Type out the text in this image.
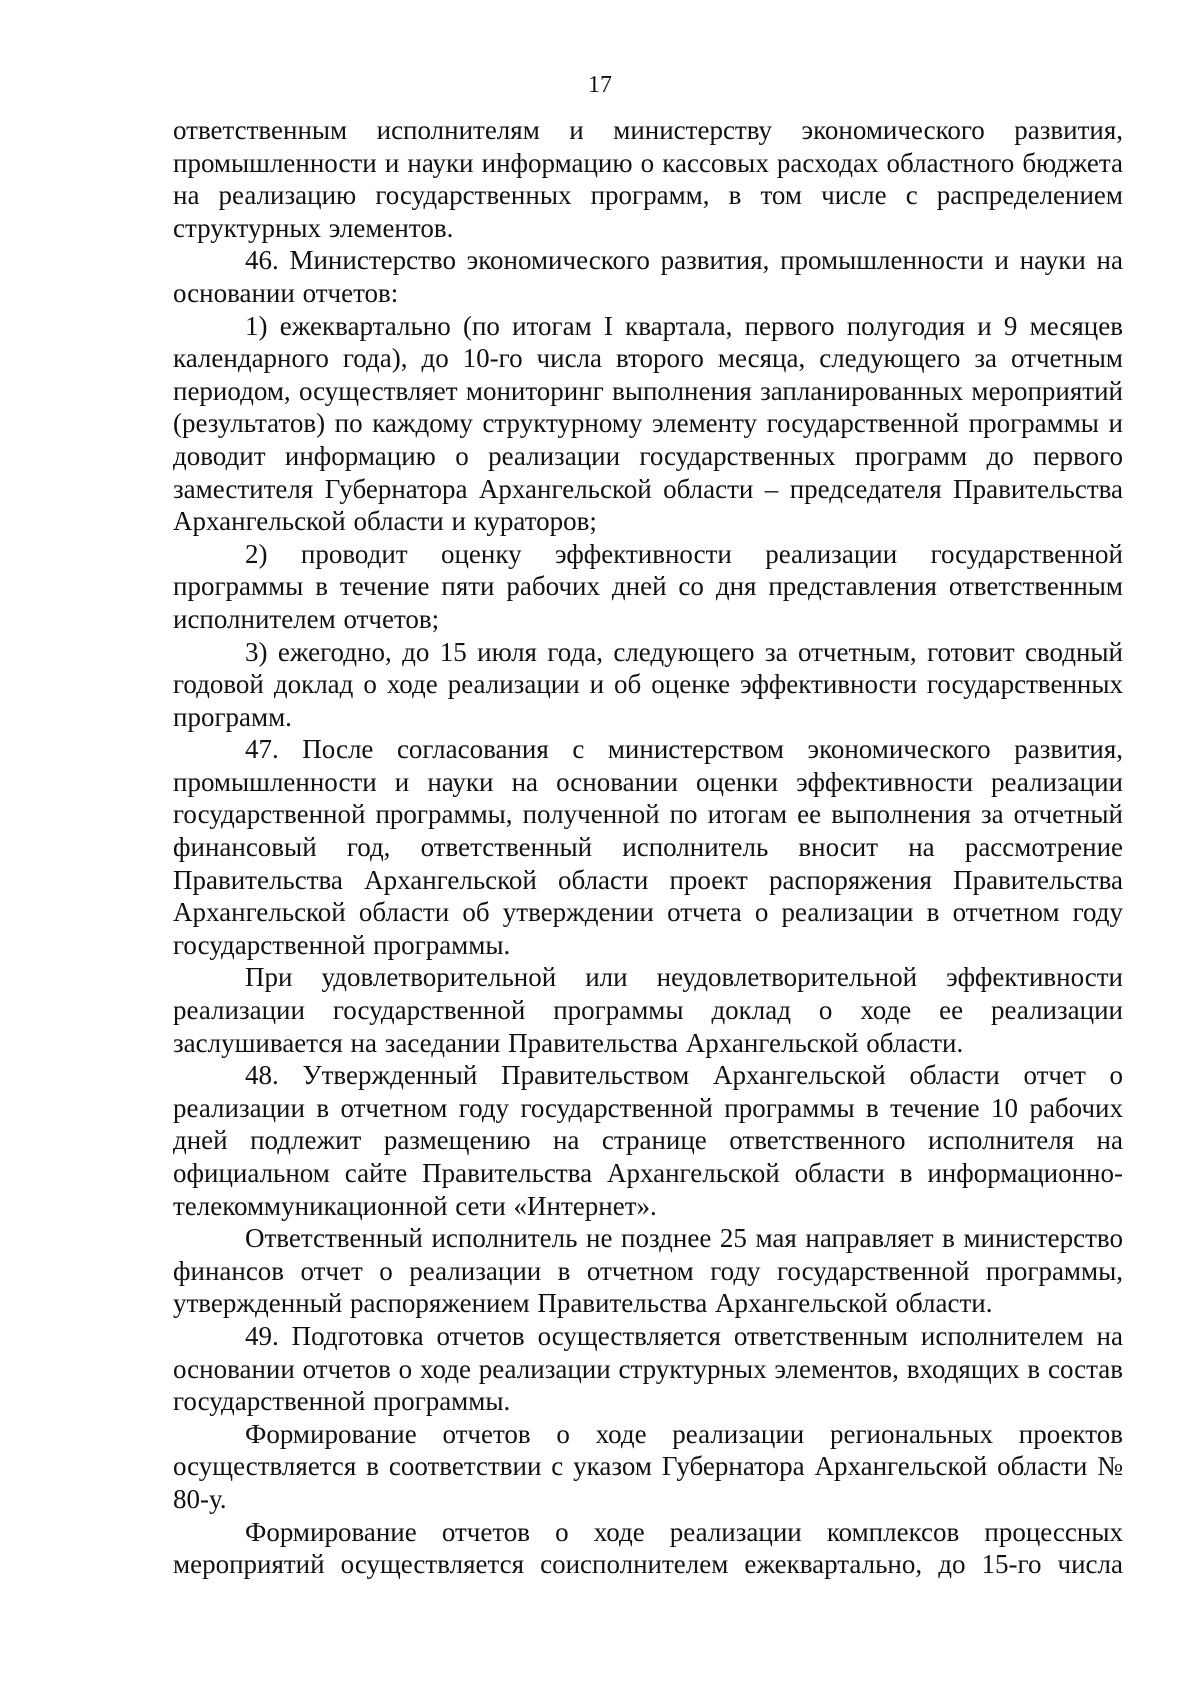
17

ответственным исполнителям и министерству экономического развития, промышленности и науки информацию о кассовых расходах областного бюджета на реализацию государственных программ, в том числе с распределением структурных элементов.

46. Министерство экономического развития, промышленности и науки на основании отчетов:

1) ежеквартально (по итогам I квартала, первого полугодия и 9 месяцев календарного года), до 10-го числа второго месяца, следующего за отчетным периодом, осуществляет мониторинг выполнения запланированных мероприятий (результатов) по каждому структурному элементу государственной программы и доводит информацию о реализации государственных программ до первого заместителя Губернатора Архангельской области – председателя Правительства Архангельской области и кураторов;

2) проводит оценку эффективности реализации государственной программы в течение пяти рабочих дней со дня представления ответственным исполнителем отчетов;

3) ежегодно, до 15 июля года, следующего за отчетным, готовит сводный годовой доклад о ходе реализации и об оценке эффективности государственных программ.

47. После согласования с министерством экономического развития, промышленности и науки на основании оценки эффективности реализации государственной программы, полученной по итогам ее выполнения за отчетный финансовый год, ответственный исполнитель вносит на рассмотрение Правительства Архангельской области проект распоряжения Правительства Архангельской области об утверждении отчета о реализации в отчетном году государственной программы.

При удовлетворительной или неудовлетворительной эффективности реализации государственной программы доклад о ходе ее реализации заслушивается на заседании Правительства Архангельской области.

48. Утвержденный Правительством Архангельской области отчет о реализации в отчетном году государственной программы в течение 10 рабочих дней подлежит размещению на странице ответственного исполнителя на официальном сайте Правительства Архангельской области в информационно-телекоммуникационной сети «Интернет».

Ответственный исполнитель не позднее 25 мая направляет в министерство финансов отчет о реализации в отчетном году государственной программы, утвержденный распоряжением Правительства Архангельской области.

49. Подготовка отчетов осуществляется ответственным исполнителем на основании отчетов о ходе реализации структурных элементов, входящих в состав государственной программы.

Формирование отчетов о ходе реализации региональных проектов осуществляется в соответствии с указом Губернатора Архангельской области № 80-у.

Формирование отчетов о ходе реализации комплексов процессных мероприятий осуществляется соисполнителем ежеквартально, до 15-го числа
